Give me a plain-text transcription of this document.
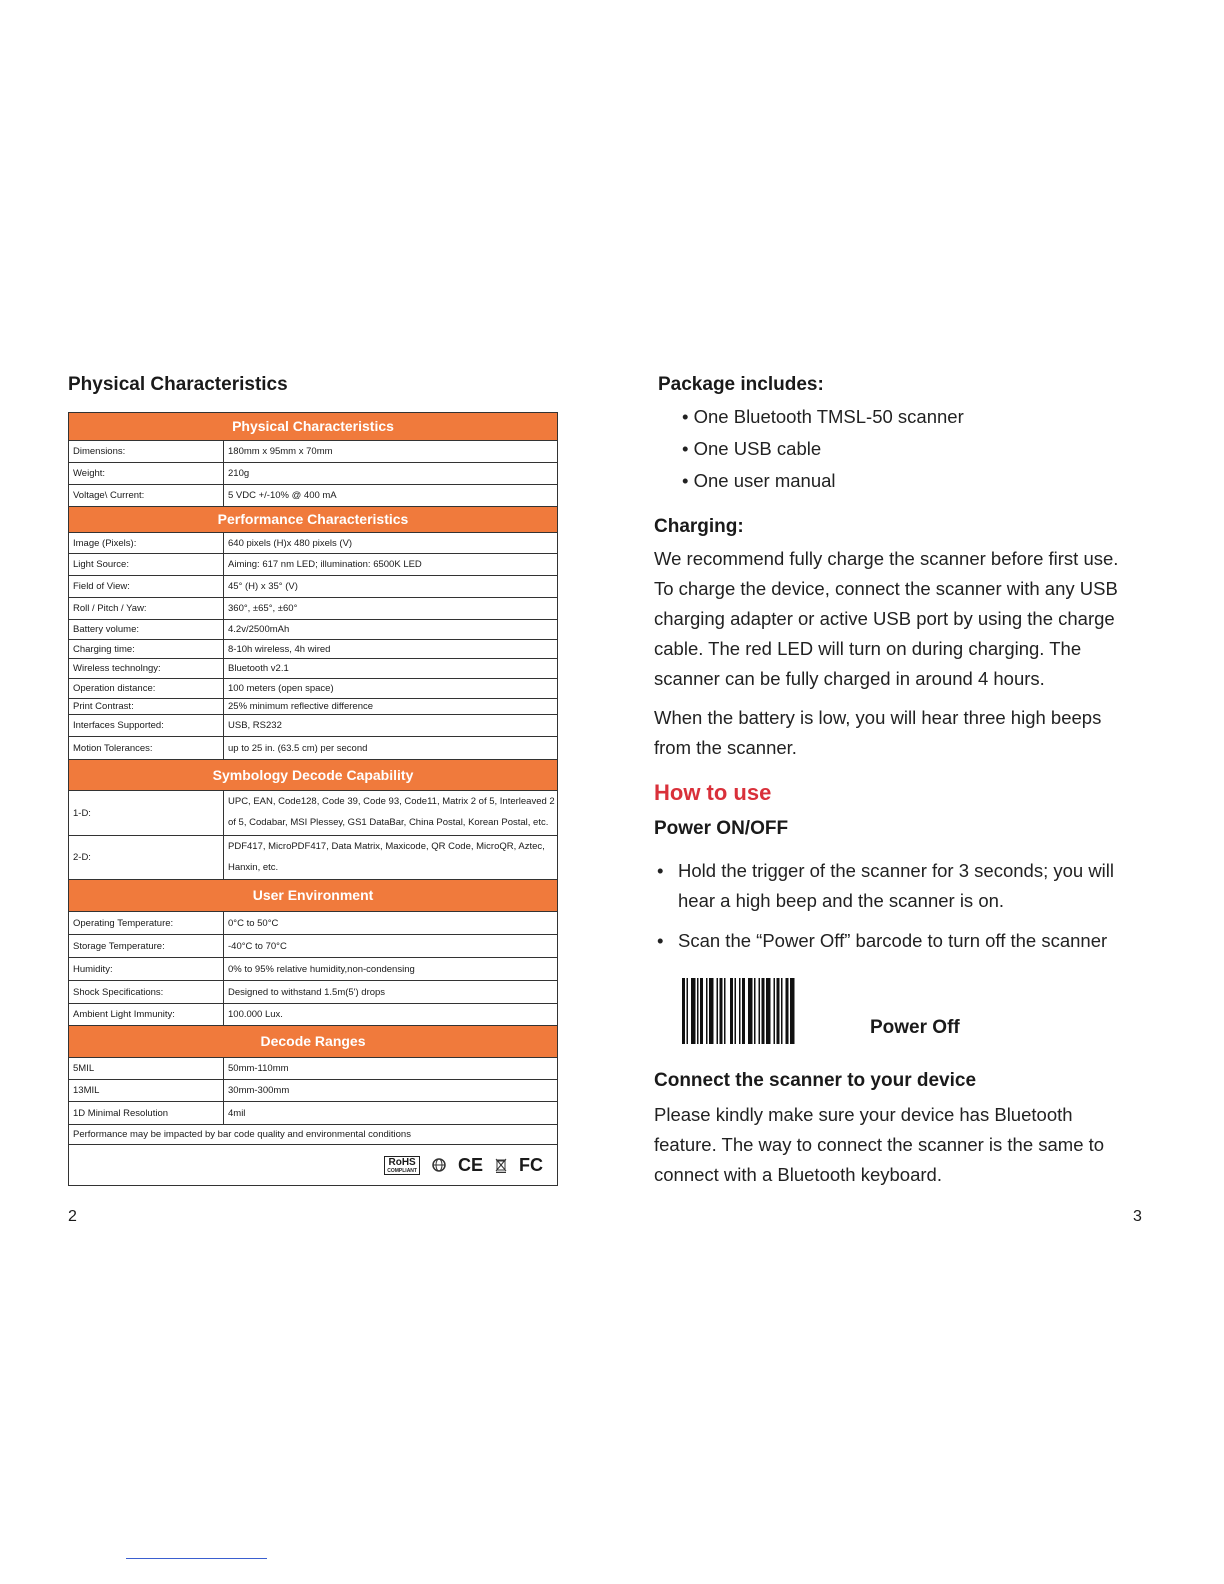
Physical Characteristics
Physical Characteristics
Dimensions:	180mm x 95mm x 70mm
Weight:	210g
Voltage\ Current:	5 VDC +/-10% @ 400 mA
Performance Characteristics
Image (Pixels):	640 pixels (H)x 480 pixels (V)
Light Source:	Aiming: 617 nm LED; illumination: 6500K LED
Field of View:	45° (H) x 35° (V)
Roll / Pitch / Yaw:	360°, ±65°, ±60°
Battery volume:	4.2v/2500mAh
Charging time:	8-10h wireless, 4h wired
Wireless technolngy:	Bluetooth v2.1
Operation distance:	100 meters (open space)
Print Contrast:	25% minimum reflective difference
Interfaces Supported:	USB, RS232
Motion Tolerances:	up to 25 in. (63.5 cm) per second
Symbology Decode Capability
1-D:
UPC, EAN, Code128, Code 39, Code 93, Code11, Matrix 2 of 5, Interleaved 2 of 5, Codabar, MSI Plessey, GS1 DataBar, China Postal, Korean Postal, etc.
2-D:
PDF417, MicroPDF417, Data Matrix, Maxicode, QR Code, MicroQR, Aztec, Hanxin, etc.
User Environment
Operating Temperature:	0°C to 50°C
Storage Temperature:	-40°C to 70°C
Humidity:	0% to 95% relative humidity,non-condensing
Shock Specifications:	Designed to withstand 1.5m(5') drops
Ambient Light Immunity:	100.000 Lux.
Decode Ranges
5MIL	50mm-110mm
13MIL	30mm-300mm
1D Minimal Resolution	4mil
Performance may be impacted by bar code quality and environmental conditions
RoHS
COMPLIANT CE FC
2
Package includes:
• One Bluetooth TMSL-50 scanner
• One USB cable
• One user manual
Charging:
We recommend fully charge the scanner before first use.
To charge the device, connect the scanner with any USB
charging adapter or active USB port by using the charge
cable. The red LED will turn on during charging. The
scanner can be fully charged in around 4 hours.
When the battery is low, you will hear three high beeps
from the scanner.
How to use
Power ON/OFF
• Hold the trigger of the scanner for 3 seconds; you will
hear a high beep and the scanner is on.
• Scan the “Power Off” barcode to turn off the scanner
Power Off
Connect the scanner to your device
Please kindly make sure your device has Bluetooth
feature. The way to connect the scanner is the same to
connect with a Bluetooth keyboard.
3
